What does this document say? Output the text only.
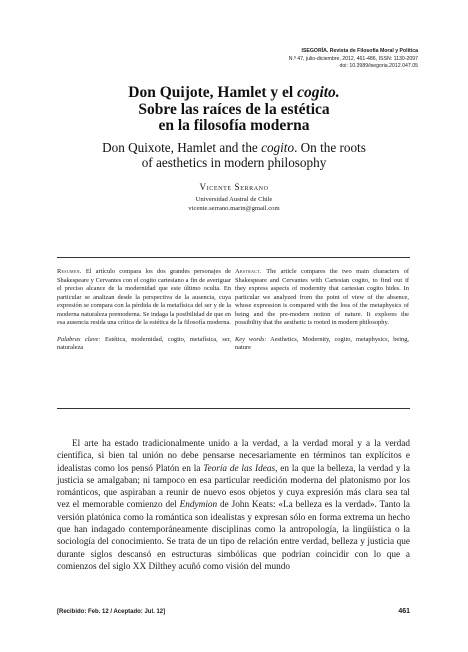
ISEGORÍA. Revista de Filosofía Moral y Política
N.º 47, julio-diciembre, 2012, 461-486, ISSN: 1130-2097
doi: 10.3989/isegoria.2012.047.05
Don Quijote, Hamlet y el cogito.
Sobre las raíces de la estética
en la filosofía moderna
Don Quixote, Hamlet and the cogito. On the roots
of aesthetics in modern philosophy
Vicente Serrano
Universidad Austral de Chile
vicente.serrano.marin@gmail.com

Resumen. El artículo compara los dos grandes personajes de Shakespeare y Cervantes con el cogito cartesiano a fin de averiguar el preciso alcance de la modernidad que este último oculta. En particular se analizan desde la perspectiva de la ausencia, cuya expresión se compara con la pérdida de la metafísica del ser y de la moderna naturaleza premoderna. Se indaga la posibilidad de que en esa ausencia resida una crítica de la estética de la filosofía moderna.

Palabras clave: Estética, modernidad, cogito, metafísica, ser, naturaleza

Abstract. The article compares the two main characters of Shakespeare and Cervantes with Cartesian cogito, to find out if they express aspects of modernity that cartesian cogito hides. In particular we analyzed from the point of view of the absence, whose expression is compared with the loss of the metaphysics of being and the pre-modern notion of nature. It explores the possibility that the aesthetic is rooted in modern philosophy.

Key words: Aesthetics, Modernity, cogito, metaphysics, being, nature

El arte ha estado tradicionalmente unido a la verdad, a la verdad moral y a la verdad científica, si bien tal unión no debe pensarse necesariamente en términos tan explícitos e idealistas como los pensó Platón en la Teoría de las Ideas, en la que la belleza, la verdad y la justicia se amalgaban; ni tampoco en esa particular reedición moderna del platonismo por los románticos, que aspiraban a reunir de nuevo esos objetos y cuya expresión más clara sea tal vez el memorable comienzo del Endymion de John Keats: «La belleza es la verdad». Tanto la versión platónica como la romántica son idealistas y expresan sólo en forma extrema un hecho que han indagado contemporáneamente disciplinas como la antropología, la lingüística o la sociología del conocimiento. Se trata de un tipo de relación entre verdad, belleza y justicia que durante siglos descansó en estructuras simbólicas que podrían coincidir con lo que a comienzos del siglo XX Dilthey acuñó como visión del mundo

[Recibido: Feb. 12 / Aceptado: Jul. 12]	461
